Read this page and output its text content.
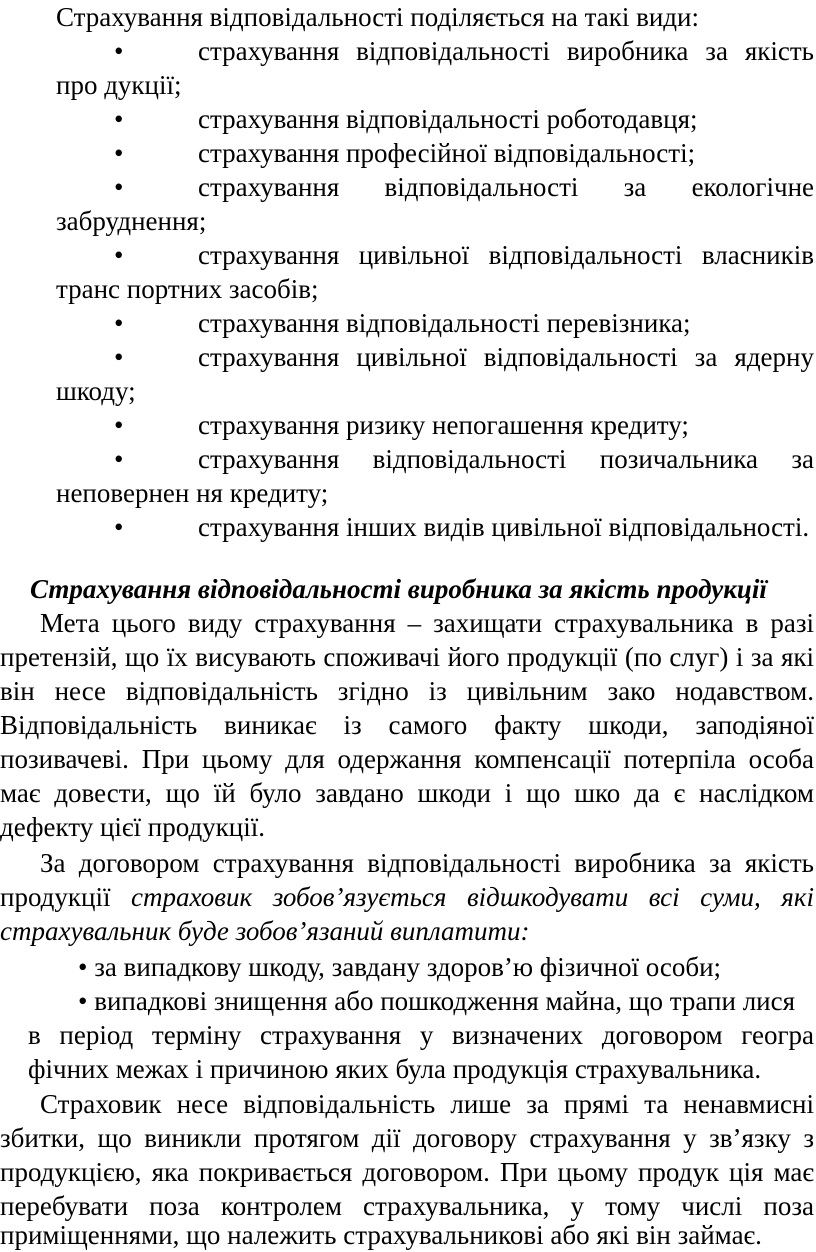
Страхування відповідальності поділяється на такі види:
•	страхування відповідальності виробника за якість
про дукції;
•	страхування відповідальності роботодавця;
•	страхування професійної відповідальності;
•	страхування відповідальності за екологічне
забруднення;
•	страхування цивільної відповідальності власників
транс портних засобів;
•	страхування відповідальності перевізника;
•	страхування цивільної відповідальності за ядерну
шкоду;
•	страхування ризику непогашення кредиту;
•	страхування відповідальності позичальника за
неповернен ня кредиту;
•	страхування інших видів цивільної відповідальності.
Страхування відповідальності виробника за якість продукції
Мета цього виду страхування – захищати страхувальника в разі
претензій, що їх висувають споживачі його продукції (по слуг) і за які
він несе відповідальність згідно із цивільним зако нодавством.
Відповідальність виникає із самого факту шкоди, заподіяної
позивачеві. При цьому для одержання компенсації потерпіла особа
має довести, що їй було завдано шкоди і що шко да є наслідком
дефекту цієї продукції.
За договором страхування відповідальності виробника за якість
продукції страховик зобов’язується відшкодувати всі суми, які
страхувальник буде зобов’язаний виплатити:
• за випадкову шкоду, завдану здоров’ю фізичної особи;
• випадкові знищення або пошкодження майна, що трапи лися
в період терміну страхування у визначених договором геогра
фічних межах і причиною яких була продукція страхувальника.
Страховик несе відповідальність лише за прямі та ненавмисні
збитки, що виникли протягом дії договору страхування у зв’язку з
продукцією, яка покривається договором. При цьому продук ція має
перебувати поза контролем страхувальника, у тому числі поза
приміщеннями, що належить страхувальникові або які він займає.
